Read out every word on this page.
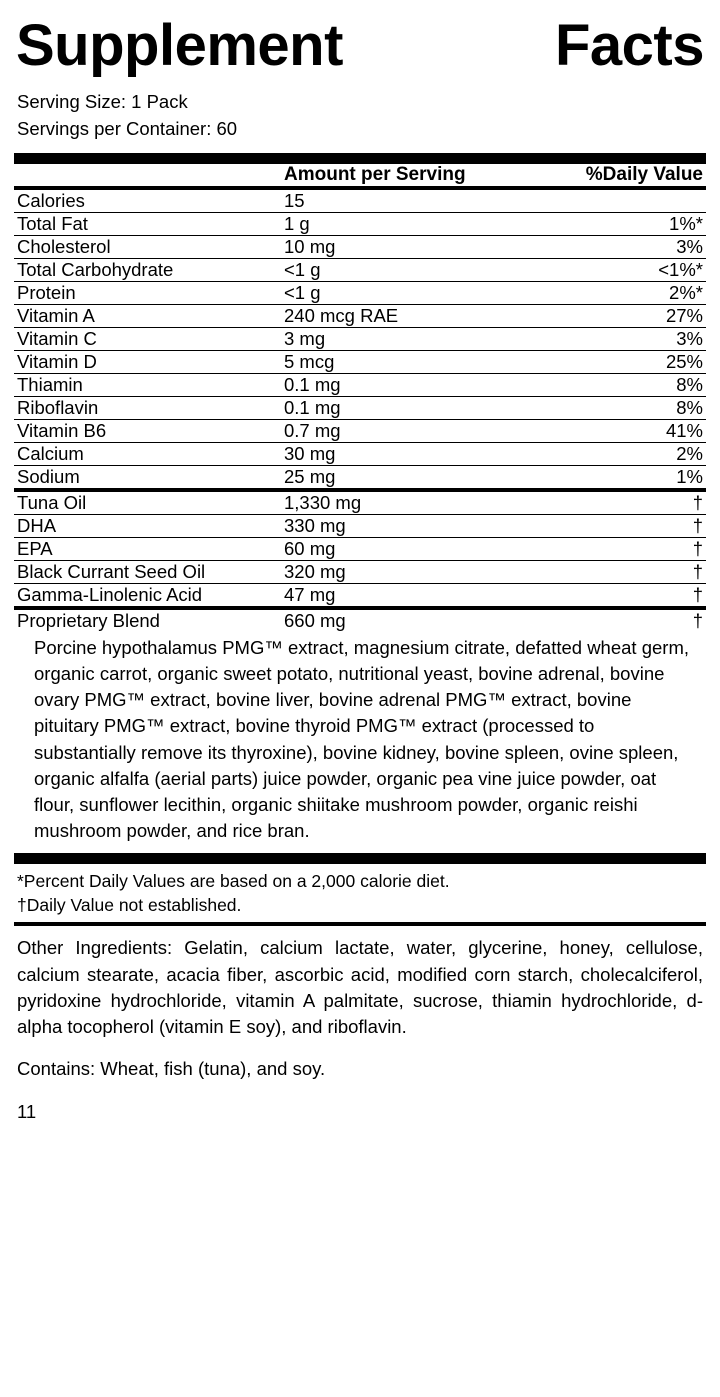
Supplement	Facts
Serving Size: 1 Pack
Servings per Container: 60
	Amount per Serving	%Daily Value
Calories	15	
Total Fat	1 g	1%*
Cholesterol	10 mg	3%
Total Carbohydrate	<1 g	<1%*
Protein	<1 g	2%*
Vitamin A	240 mcg RAE	27%
Vitamin C	3 mg	3%
Vitamin D	5 mcg	25%
Thiamin	0.1 mg	8%
Riboflavin	0.1 mg	8%
Vitamin B6	0.7 mg	41%
Calcium	30 mg	2%
Sodium	25 mg	1%
Tuna Oil	1,330 mg	†
DHA	330 mg	†
EPA	60 mg	†
Black Currant Seed Oil	320 mg	†
Gamma-Linolenic Acid	47 mg	†
Proprietary Blend	660 mg	†
Porcine hypothalamus PMG™ extract, magnesium citrate, defatted wheat germ, organic carrot, organic sweet potato, nutritional yeast, bovine adrenal, bovine ovary PMG™ extract, bovine liver, bovine adrenal PMG™ extract, bovine pituitary PMG™ extract, bovine thyroid PMG™ extract (processed to substantially remove its thyroxine), bovine kidney, bovine spleen, ovine spleen, organic alfalfa (aerial parts) juice powder, organic pea vine juice powder, oat flour, sunflower lecithin, organic shiitake mushroom powder, organic reishi mushroom powder, and rice bran.
*Percent Daily Values are based on a 2,000 calorie diet.
†Daily Value not established.
Other Ingredients: Gelatin, calcium lactate, water, glycerine, honey, cellulose, calcium stearate, acacia fiber, ascorbic acid, modified corn starch, cholecalciferol, pyridoxine hydrochloride, vitamin A palmitate, sucrose, thiamin hydrochloride, d-alpha tocopherol (vitamin E soy), and riboflavin.
Contains: Wheat, fish (tuna), and soy.
11
